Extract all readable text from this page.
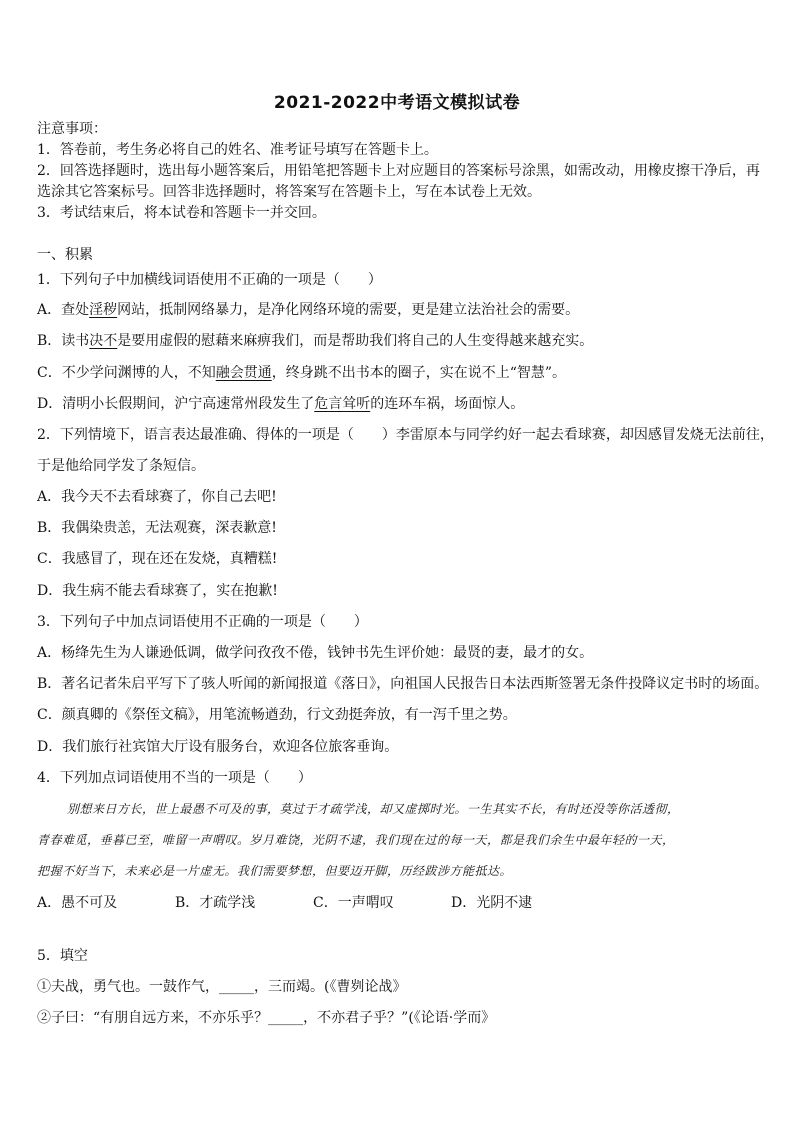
2021-2022中考语文模拟试卷
注意事项：
1．答卷前，考生务必将自己的姓名、准考证号填写在答题卡上。
2．回答选择题时，选出每小题答案后，用铅笔把答题卡上对应题目的答案标号涂黑，如需改动，用橡皮擦干净后，再
选涂其它答案标号。回答非选择题时，将答案写在答题卡上，写在本试卷上无效。
3．考试结束后，将本试卷和答题卡一并交回。
一、积累
1．下列句子中加横线词语使用不正确的一项是（　　）
A．查处淫秽网站，抵制网络暴力，是净化网络环境的需要，更是建立法治社会的需要。
B．读书决不是要用虚假的慰藉来麻痹我们，而是帮助我们将自己的人生变得越来越充实。
C．不少学问渊博的人，不知融会贯通，终身跳不出书本的圈子，实在说不上“智慧”。
D．清明小长假期间，沪宁高速常州段发生了危言耸听的连环车祸，场面惊人。
2．下列情境下，语言表达最准确、得体的一项是（　　）李雷原本与同学约好一起去看球赛，却因感冒发烧无法前往，
于是他给同学发了条短信。
A．我今天不去看球赛了，你自己去吧!
B．我偶染贵恙，无法观赛，深表歉意!
C．我感冒了，现在还在发烧，真糟糕!
D．我生病不能去看球赛了，实在抱歉!
3．下列句子中加点词语使用不正确的一项是（　　）
A．杨绛先生为人谦逊低调，做学问孜孜不倦，钱钟书先生评价她：最贤的妻，最才的女。
B．著名记者朱启平写下了骇人听闻的新闻报道《落日》，向祖国人民报告日本法西斯签署无条件投降议定书时的场面。
C．颜真卿的《祭侄文稿》，用笔流畅遒劲，行文劲挺奔放，有一泻千里之势。
D．我们旅行社宾馆大厅设有服务台，欢迎各位旅客垂询。
4．下列加点词语使用不当的一项是（　　）
别想来日方长，世上最愚不可及的事，莫过于才疏学浅，却又虚掷时光。一生其实不长，有时还没等你活透彻，
青春难觅，垂暮已至，唯留一声喟叹。岁月难饶，光阴不逮，我们现在过的每一天，都是我们余生中最年轻的一天，
把握不好当下，未来必是一片虚无。我们需要梦想，但要迈开脚，历经跋涉方能抵达。
A．愚不可及	B．才疏学浅	C．一声喟叹	D．光阴不逮
5．填空
①夫战，勇气也。一鼓作气，_____，三而竭。(《曹刿论战》
②子曰：“有朋自远方来，不亦乐乎？_____，不亦君子乎？”(《论语·学而》
